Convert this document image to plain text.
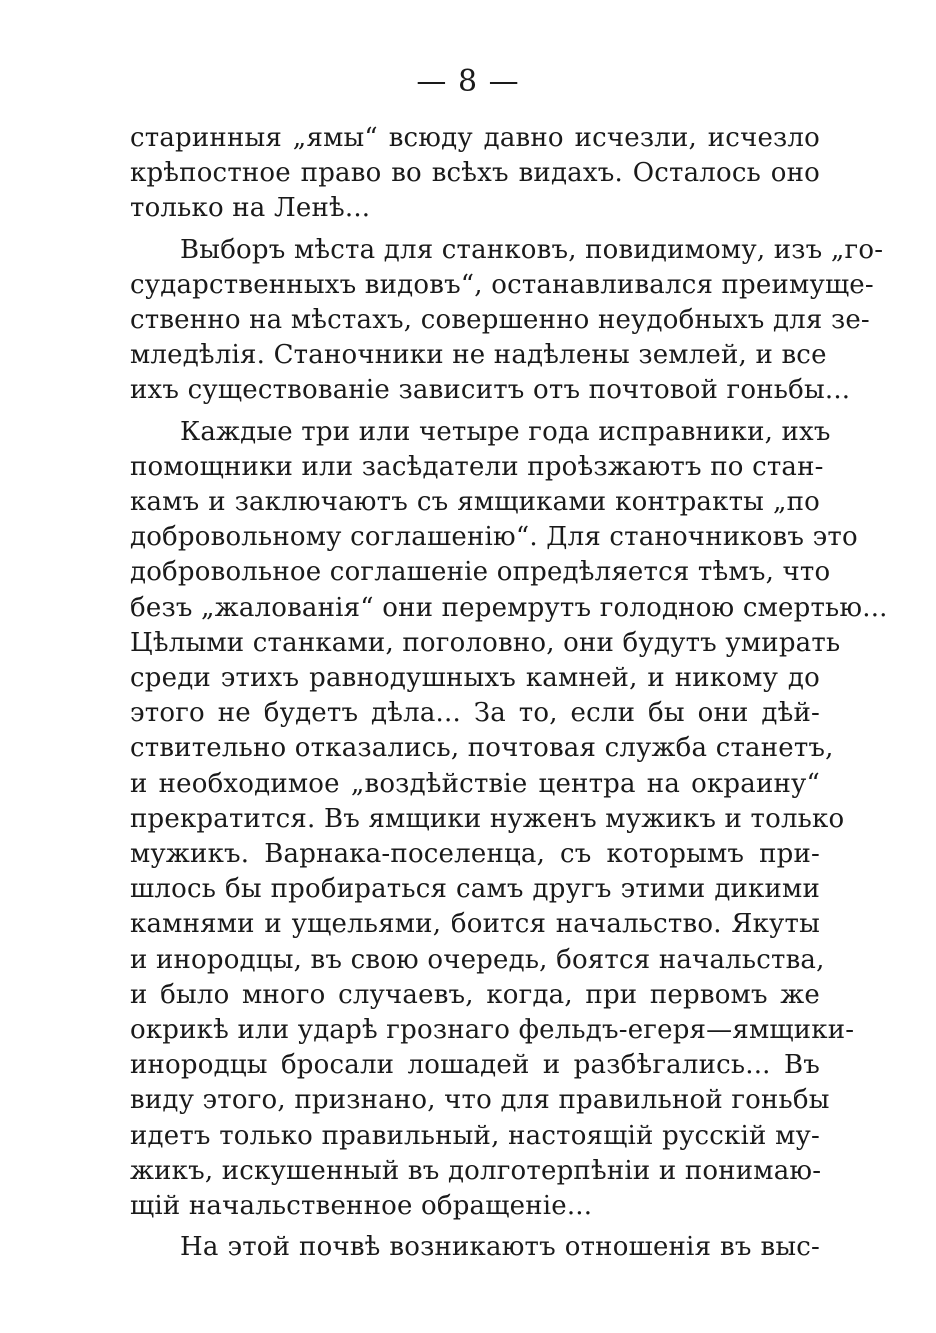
— 8 —
старинныя „ямы“ всюду давно исчезли, исчезло
крѣпостное право во всѣхъ видахъ. Осталось оно
только на Ленѣ...
Выборъ мѣста для станковъ, повидимому, изъ „го-
сударственныхъ видовъ“, останавливался преимуще-
ственно на мѣстахъ, совершенно неудобныхъ для зе-
мледѣлія. Станочники не надѣлены землей, и все
ихъ существованіе зависитъ отъ почтовой гоньбы...
Каждые три или четыре года исправники, ихъ
помощники или засѣдатели проѣзжаютъ по стан-
камъ и заключаютъ съ ямщиками контракты „по
добровольному соглашенію“. Для станочниковъ это
добровольное соглашеніе опредѣляется тѣмъ, что
безъ „жалованія“ они перемрутъ голодною смертью...
Цѣлыми станками, поголовно, они будутъ умирать
среди этихъ равнодушныхъ камней, и никому до
этого не будетъ дѣла... За то, если бы они дѣй-
ствительно отказались, почтовая служба станетъ,
и необходимое „воздѣйствіе центра на окраину“
прекратится. Въ ямщики нуженъ мужикъ и только
мужикъ. Варнака-поселенца, съ которымъ при-
шлось бы пробираться самъ другъ этими дикими
камнями и ущельями, боится начальство. Якуты
и инородцы, въ свою очередь, боятся начальства,
и было много случаевъ, когда, при первомъ же
окрикѣ или ударѣ грознаго фельдъ-егеря—ямщики-
инородцы бросали лошадей и разбѣгались... Въ
виду этого, признано, что для правильной гоньбы
идетъ только правильный, настоящій русскій му-
жикъ, искушенный въ долготерпѣніи и понимаю-
щій начальственное обращеніе...
На этой почвѣ возникаютъ отношенія въ выс-
